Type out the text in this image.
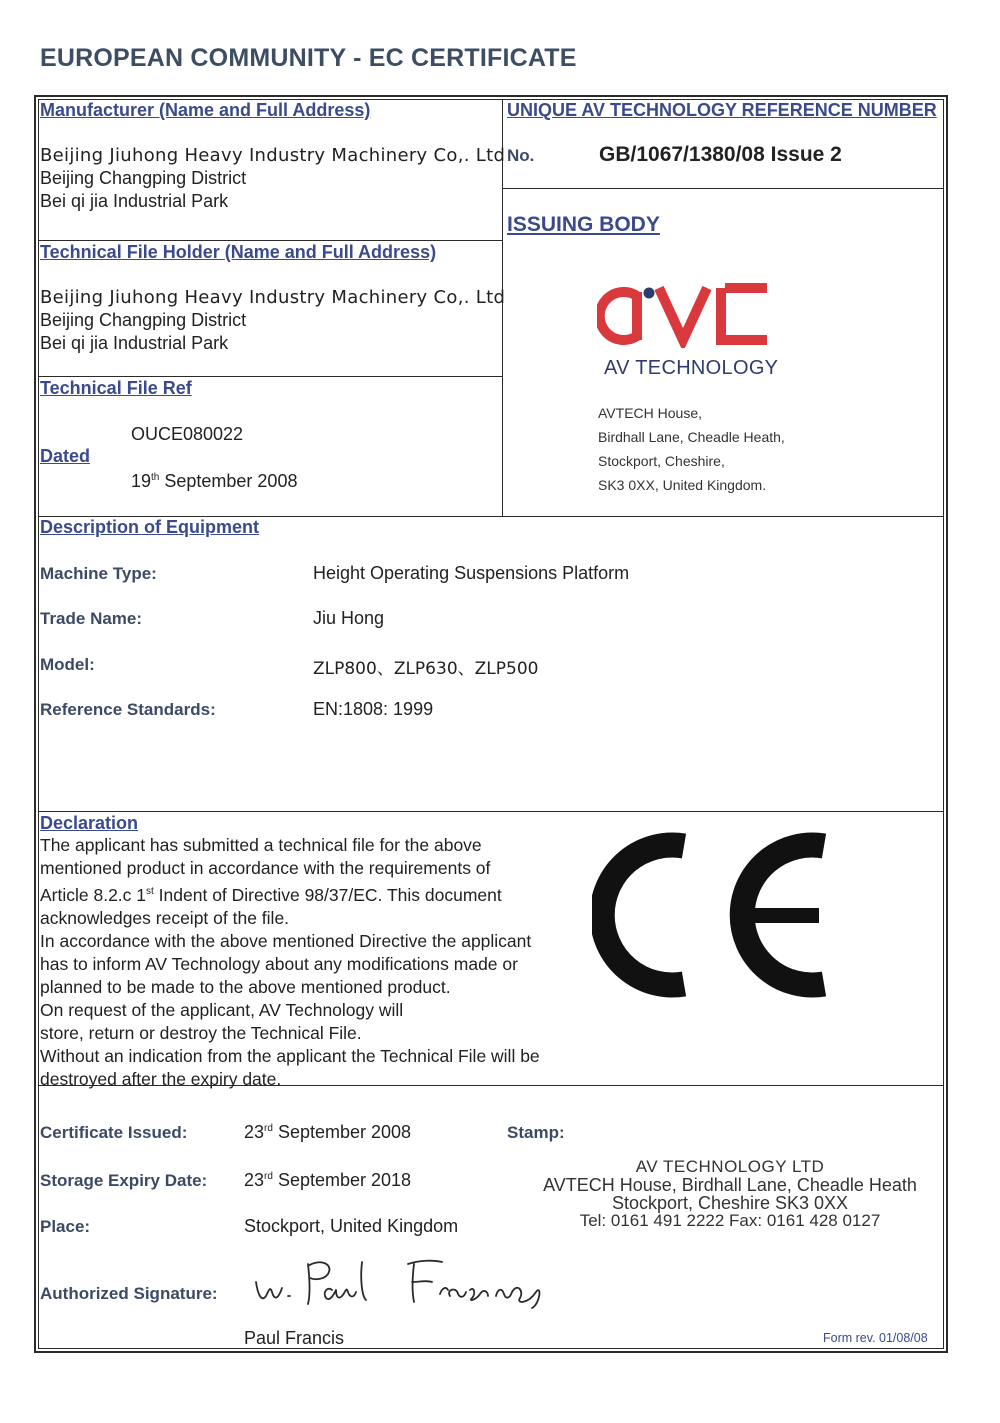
EUROPEAN COMMUNITY - EC CERTIFICATE
Manufacturer (Name and Full Address)
Beijing Jiuhong Heavy Industry Machinery Co,. Ltd
Beijing Changping District
Bei qi jia Industrial Park
UNIQUE AV TECHNOLOGY REFERENCE NUMBER
No.	GB/1067/1380/08 Issue 2
ISSUING BODY
AV TECHNOLOGY
AVTECH House,
Birdhall Lane, Cheadle Heath,
Stockport, Cheshire,
SK3 0XX, United Kingdom.
Technical File Holder (Name and Full Address)
Beijing Jiuhong Heavy Industry Machinery Co,. Ltd
Beijing Changping District
Bei qi jia Industrial Park
Technical File Ref
OUCE080022
Dated
19th September 2008
Description of Equipment
Machine Type:	Height Operating Suspensions Platform
Trade Name:	Jiu Hong
Model:	ZLP800、ZLP630、ZLP500
Reference Standards:	EN:1808: 1999
Declaration

The applicant has submitted a technical file for the above

mentioned product in accordance with the requirements of

Article 8.2.c 1st Indent of Directive 98/37/EC. This document

acknowledges receipt of the file.

In accordance with the above mentioned Directive the applicant

has to inform AV Technology about any modifications made or

planned to be made to the above mentioned product.

On request of the applicant, AV Technology will

store, return or destroy the Technical File.

Without an indication from the applicant the Technical File will be

destroyed after the expiry date.

Certificate Issued:	23rd September 2008
Storage Expiry Date: 23rd September 2018
Place:	Stockport, United Kingdom
Authorized Signature:
Paul Francis
Stamp:
AV TECHNOLOGY LTD
AVTECH House, Birdhall Lane, Cheadle Heath
Stockport, Cheshire SK3 0XX
Tel: 0161 491 2222 Fax: 0161 428 0127
Form rev. 01/08/08
